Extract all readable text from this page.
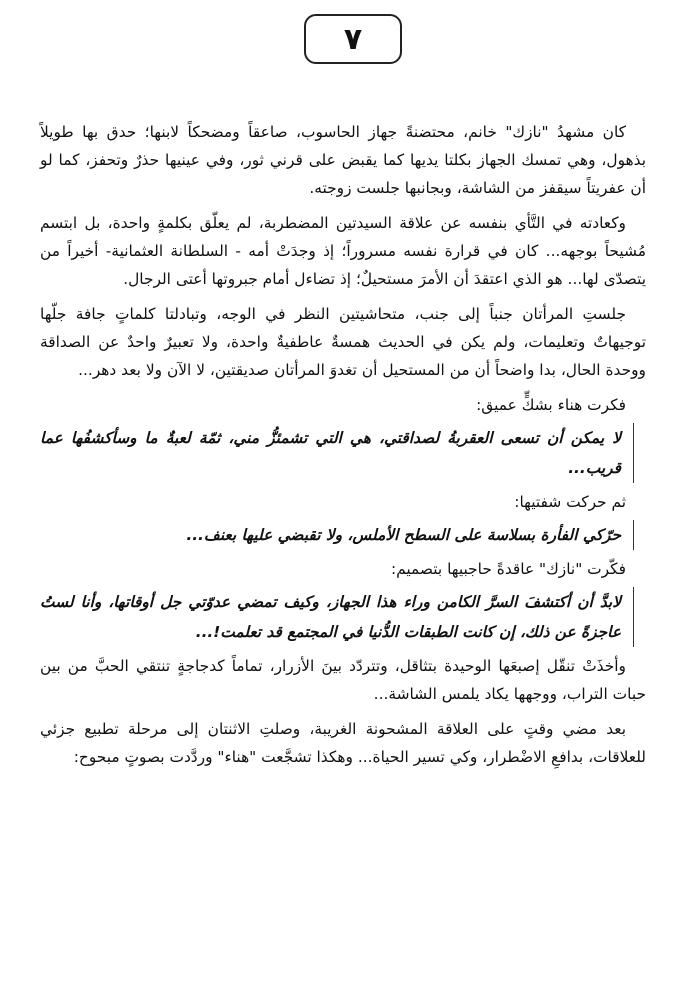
٧

كان مشهدُ "نازك" خانم، محتضنةً جهاز الحاسوب، صاعقاً ومضحكاً لابنها؛ حدق بها طويلاً بذهول، وهي تمسك الجهاز بكلتا يديها كما يقبض على قرني ثور، وفي عينيها حذرٌ وتحفز، كما لو أن عفريتاً سيقفز من الشاشة، وبجانبها جلست زوجته.

وكعادته في التَّأي بنفسه عن علاقة السيدتين المضطربة، لم يعلّق بكلمةٍ واحدة، بل ابتسم مُشيحاً بوجهه... كان في قرارة نفسه مسروراً؛ إذ وجدَتْ أمه - السلطانة العثمانية- أخيراً من يتصدّى لها... هو الذي اعتقدَ أن الأمرَ مستحيلٌ؛ إذ تضاءل أمام جبروتها أعتى الرجال.

جلستِ المرأتان جنباً إلى جنب، متحاشيتين النظر في الوجه، وتبادلتا كلماتٍ جافة جلّها توجيهاتٌ وتعليمات، ولم يكن في الحديث همسةٌ عاطفيةٌ واحدة، ولا تعبيرٌ واحدٌ عن الصداقة ووحدة الحال، بدا واضحاً أن من المستحيل أن تغدوَ المرأتان صديقتين، لا الآن ولا بعد دهر...

فكرت هناء بشكٍّ عميق:

لا يمكن أن تسعى العقربةُ لصداقتي، هي التي تشمئزُّ مني، ثمّة لعبةٌ ما وسأكشفُها عما قريب...

ثم حركت شفتيها:

حرّكي الفأرة بسلاسة على السطح الأملس، ولا تقبضي عليها بعنف...

فكّرت "نازك" عاقدةً حاجبيها بتصميم:

لابدَّ أن أكتشفَ السرَّ الكامن وراء هذا الجهاز، وكيف تمضي عدوّتي جل أوقاتها، وأنا لستُ عاجزةً عن ذلك، إن كانت الطبقات الدُّنيا في المجتمع قد تعلمت!...

وأخذَتْ تنقّل إصبعَها الوحيدة بتثاقل، وتتردّد بينَ الأزرار، تماماً كدجاجةٍ تنتقي الحبَّ من بين حبات التراب، ووجهها يكاد يلمس الشاشة...

بعد مضي وقتٍ على العلاقة المشحونة الغريبة، وصلتِ الاثنتان إلى مرحلة تطبيع جزئي للعلاقات، بدافعِ الاضْطرار، وكي تسير الحياة... وهكذا تشجَّعت "هناء" وردَّدت بصوتٍ مبحوح:
